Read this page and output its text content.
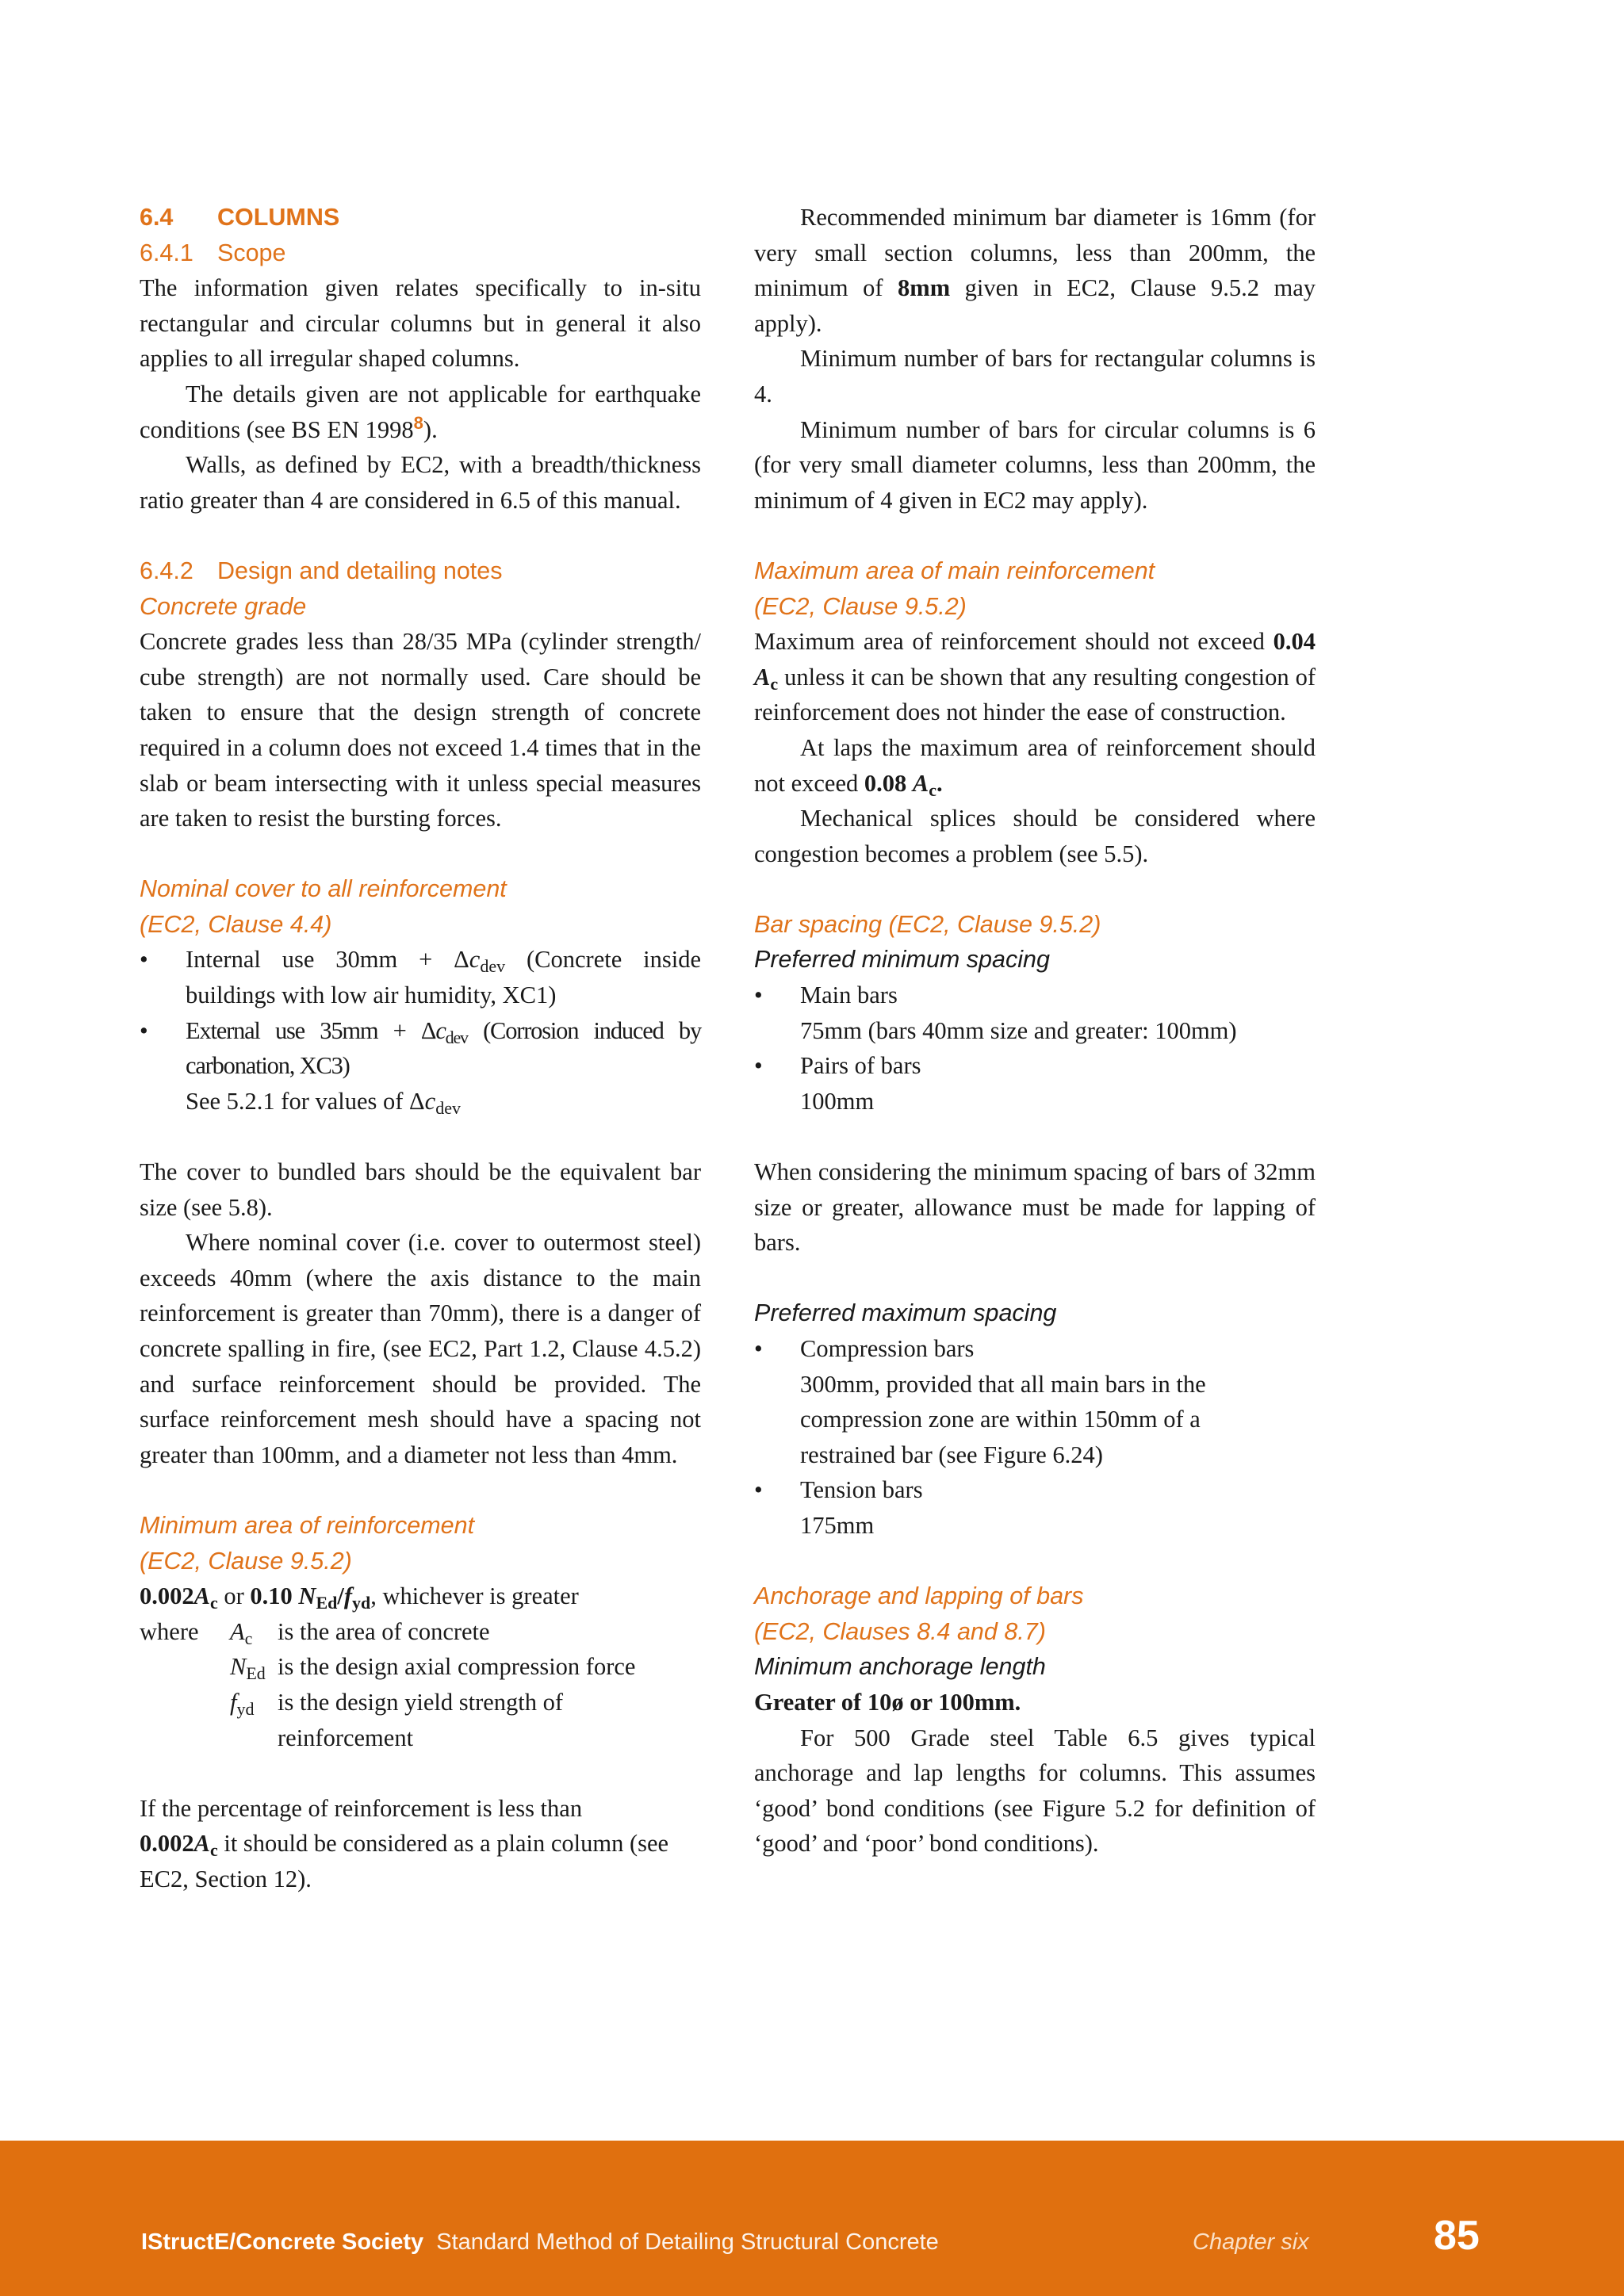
6.4 COLUMNS
6.4.1 Scope

The information given relates specifically to in-situ rectangular and circular columns but in general it also applies to all irregular shaped columns.

The details given are not applicable for earthquake conditions (see BS EN 1998$^8$).

Walls, as defined by EC2, with a breadth/thickness ratio greater than 4 are considered in 6.5 of this manual.

6.4.2 Design and detailing notes
Concrete grade

Concrete grades less than 28/35 MPa (cylinder strength/ cube strength) are not normally used. Care should be taken to ensure that the design strength of concrete required in a column does not exceed 1.4 times that in the slab or beam intersecting with it unless special measures are taken to resist the bursting forces.

Nominal cover to all reinforcement
(EC2, Clause 4.4)
• Internal use $30mm + \Delta c_{dev}$ (Concrete inside buildings with low air humidity, XC1)
• External use $35mm + \Delta c_{dev}$ (Corrosion induced by carbonation, XC3)
See 5.2.1 for values of $\Delta c_{dev}$

The cover to bundled bars should be the equivalent bar size (see 5.8).

Where nominal cover (i.e. cover to outermost steel) exceeds 40mm (where the axis distance to the main reinforcement is greater than 70mm), there is a danger of concrete spalling in fire, (see EC2, Part 1.2, Clause 4.5.2) and surface reinforcement should be provided. The surface reinforcement mesh should have a spacing not greater than 100mm, and a diameter not less than 4mm.

Minimum area of reinforcement
(EC2, Clause 9.5.2)
$0.002A_c$ or 0.10 $N_{Ed}/f_{yd}$, whichever is greater
where	$A_c$	is the area of concrete
$N_{Ed}$ is the design axial compression force
$f_{yd}$ is the design yield strength of reinforcement
If the percentage of reinforcement is less than
$0.002A_c$ it should be considered as a plain column (see EC2, Section 12).

Recommended minimum bar diameter is 16mm (for very small section columns, less than 200mm, the minimum of 8mm given in EC2, Clause 9.5.2 may apply).

Minimum number of bars for rectangular columns is 4.

Minimum number of bars for circular columns is 6 (for very small diameter columns, less than 200mm, the minimum of 4 given in EC2 may apply).

Maximum area of main reinforcement
(EC2, Clause 9.5.2)

Maximum area of reinforcement should not exceed 0.04 $A_c$ unless it can be shown that any resulting congestion of reinforcement does not hinder the ease of construction.

At laps the maximum area of reinforcement should not exceed 0.08 $A_c$.

Mechanical splices should be considered where congestion becomes a problem (see 5.5).

Bar spacing (EC2, Clause 9.5.2)
Preferred minimum spacing
• Main bars
75mm (bars 40mm size and greater: 100mm)
• Pairs of bars
100mm

When considering the minimum spacing of bars of 32mm size or greater, allowance must be made for lapping of bars.

Preferred maximum spacing
• Compression bars
300mm, provided that all main bars in the compression zone are within 150mm of a restrained bar (see Figure 6.24)
• Tension bars
175mm
Anchorage and lapping of bars
(EC2, Clauses 8.4 and 8.7)
Minimum anchorage length
Greater of 10ø or 100mm.

For 500 Grade steel Table 6.5 gives typical anchorage and lap lengths for columns. This assumes ‘good’ bond conditions (see Figure 5.2 for definition of ‘good’ and ‘poor’ bond conditions).

IStructE/Concrete Society Standard Method of Detailing Structural Concrete	Chapter six	85
